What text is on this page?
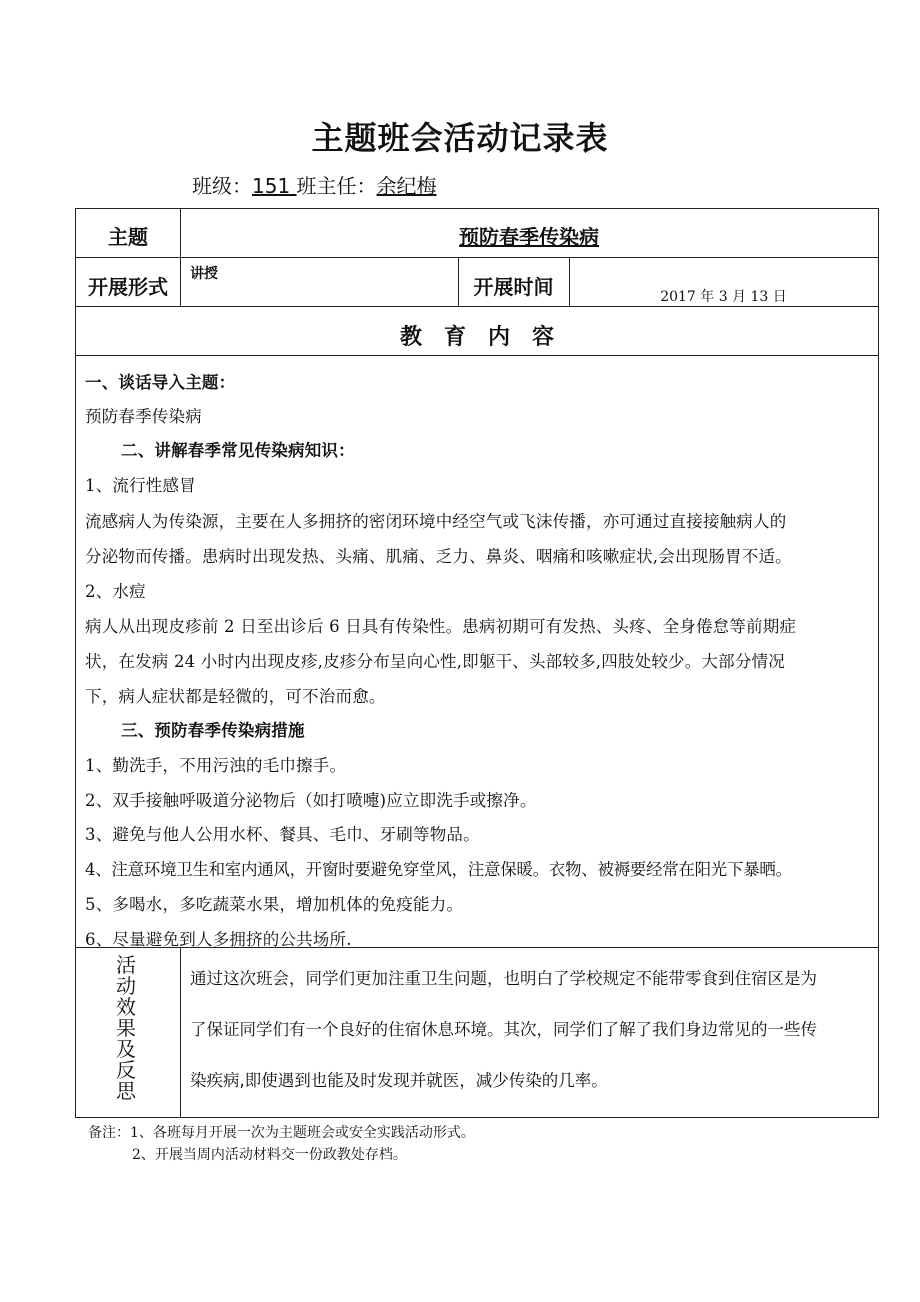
主题班会活动记录表
班级：151 班主任：余纪梅
主题	预防春季传染病
开展形式
讲授
开展时间	2017 年 3 月 13 日
教　育　内　容
一、谈话导入主题：
预防春季传染病
二、讲解春季常见传染病知识：
1、流行性感冒
流感病人为传染源，主要在人多拥挤的密闭环境中经空气或飞沫传播，亦可通过直接接触病人的
分泌物而传播。患病时出现发热、头痛、肌痛、乏力、鼻炎、咽痛和咳嗽症状,会出现肠胃不适。
2、水痘
病人从出现皮疹前 2 日至出诊后 6 日具有传染性。患病初期可有发热、头疼、全身倦怠等前期症
状，在发病 24 小时内出现皮疹,皮疹分布呈向心性,即躯干、头部较多,四肢处较少。大部分情况
下，病人症状都是轻微的，可不治而愈。
三、预防春季传染病措施
1、勤洗手，不用污浊的毛巾擦手。
2、双手接触呼吸道分泌物后（如打喷嚏)应立即洗手或擦净。
3、避免与他人公用水杯、餐具、毛巾、牙刷等物品。
4、注意环境卫生和室内通风，开窗时要避免穿堂风，注意保暖。衣物、被褥要经常在阳光下暴晒。
5、多喝水，多吃蔬菜水果，增加机体的免疫能力。
6、尽量避免到人多拥挤的公共场所.
活
动
效
果
及
反
思
通过这次班会，同学们更加注重卫生问题，也明白了学校规定不能带零食到住宿区是为
了保证同学们有一个良好的住宿休息环境。其次，同学们了解了我们身边常见的一些传
染疾病,即使遇到也能及时发现并就医，减少传染的几率。
备注：1、各班每月开展一次为主题班会或安全实践活动形式。
2、开展当周内活动材料交一份政教处存档。
